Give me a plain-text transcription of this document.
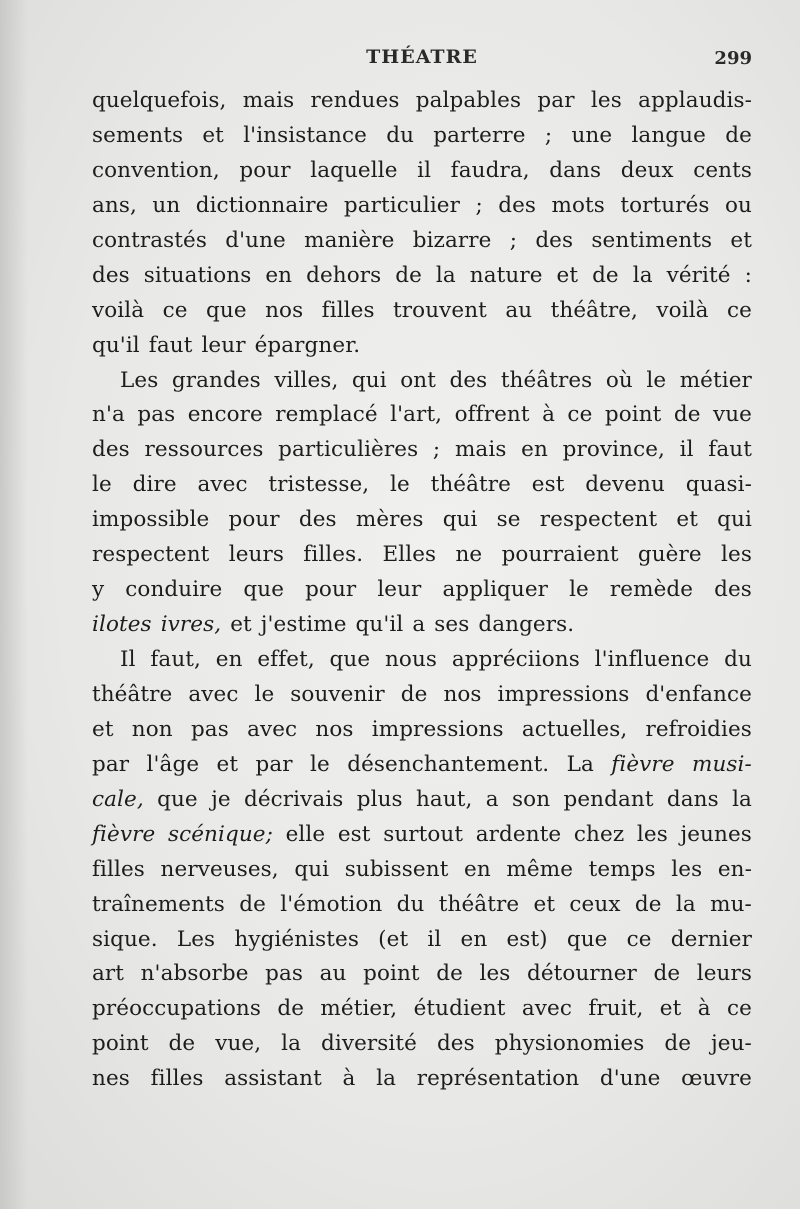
THÉATRE	299
quelquefois, mais rendues palpables par les applaudis-
sements et l'insistance du parterre ; une langue de
convention, pour laquelle il faudra, dans deux cents
ans, un dictionnaire particulier ; des mots torturés ou
contrastés d'une manière bizarre ; des sentiments et
des situations en dehors de la nature et de la vérité :
voilà ce que nos filles trouvent au théâtre, voilà ce
qu'il faut leur épargner.
Les grandes villes, qui ont des théâtres où le métier
n'a pas encore remplacé l'art, offrent à ce point de vue
des ressources particulières ; mais en province, il faut
le dire avec tristesse, le théâtre est devenu quasi-
impossible pour des mères qui se respectent et qui
respectent leurs filles. Elles ne pourraient guère les
y conduire que pour leur appliquer le remède des
ilotes ivres, et j'estime qu'il a ses dangers.
Il faut, en effet, que nous appréciions l'influence du
théâtre avec le souvenir de nos impressions d'enfance
et non pas avec nos impressions actuelles, refroidies
par l'âge et par le désenchantement. La fièvre musi-
cale, que je décrivais plus haut, a son pendant dans la
fièvre scénique; elle est surtout ardente chez les jeunes
filles nerveuses, qui subissent en même temps les en-
traînements de l'émotion du théâtre et ceux de la mu-
sique. Les hygiénistes (et il en est) que ce dernier
art n'absorbe pas au point de les détourner de leurs
préoccupations de métier, étudient avec fruit, et à ce
point de vue, la diversité des physionomies de jeu-
nes filles assistant à la représentation d'une œuvre
